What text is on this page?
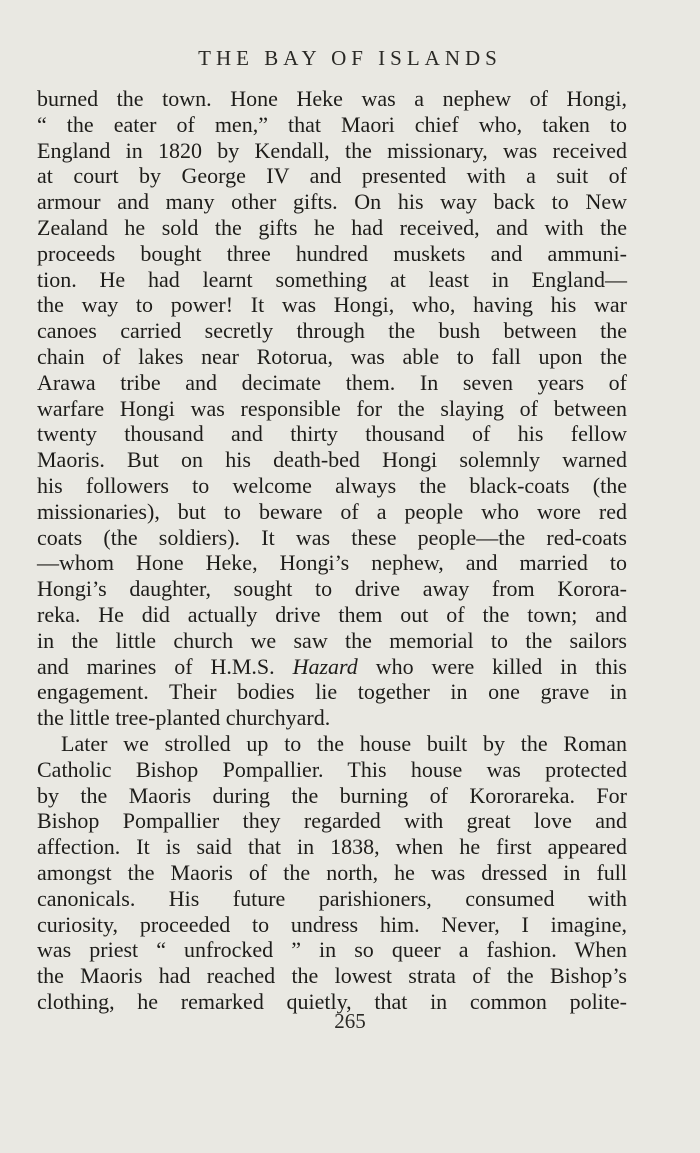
THE BAY OF ISLANDS
burned the town. Hone Heke was a nephew of Hongi,
“ the eater of men,” that Maori chief who, taken to
England in 1820 by Kendall, the missionary, was received
at court by George IV and presented with a suit of
armour and many other gifts. On his way back to New
Zealand he sold the gifts he had received, and with the
proceeds bought three hundred muskets and ammuni-
tion. He had learnt something at least in England—
the way to power! It was Hongi, who, having his war
canoes carried secretly through the bush between the
chain of lakes near Rotorua, was able to fall upon the
Arawa tribe and decimate them. In seven years of
warfare Hongi was responsible for the slaying of between
twenty thousand and thirty thousand of his fellow
Maoris. But on his death-bed Hongi solemnly warned
his followers to welcome always the black-coats (the
missionaries), but to beware of a people who wore red
coats (the soldiers). It was these people—the red-coats
—whom Hone Heke, Hongi’s nephew, and married to
Hongi’s daughter, sought to drive away from Korora-
reka. He did actually drive them out of the town; and
in the little church we saw the memorial to the sailors
and marines of H.M.S. Hazard who were killed in this
engagement. Their bodies lie together in one grave in
the little tree-planted churchyard.
Later we strolled up to the house built by the Roman
Catholic Bishop Pompallier. This house was protected
by the Maoris during the burning of Kororareka. For
Bishop Pompallier they regarded with great love and
affection. It is said that in 1838, when he first appeared
amongst the Maoris of the north, he was dressed in full
canonicals. His future parishioners, consumed with
curiosity, proceeded to undress him. Never, I imagine,
was priest “ unfrocked ” in so queer a fashion. When
the Maoris had reached the lowest strata of the Bishop’s
clothing, he remarked quietly, that in common polite-
265
